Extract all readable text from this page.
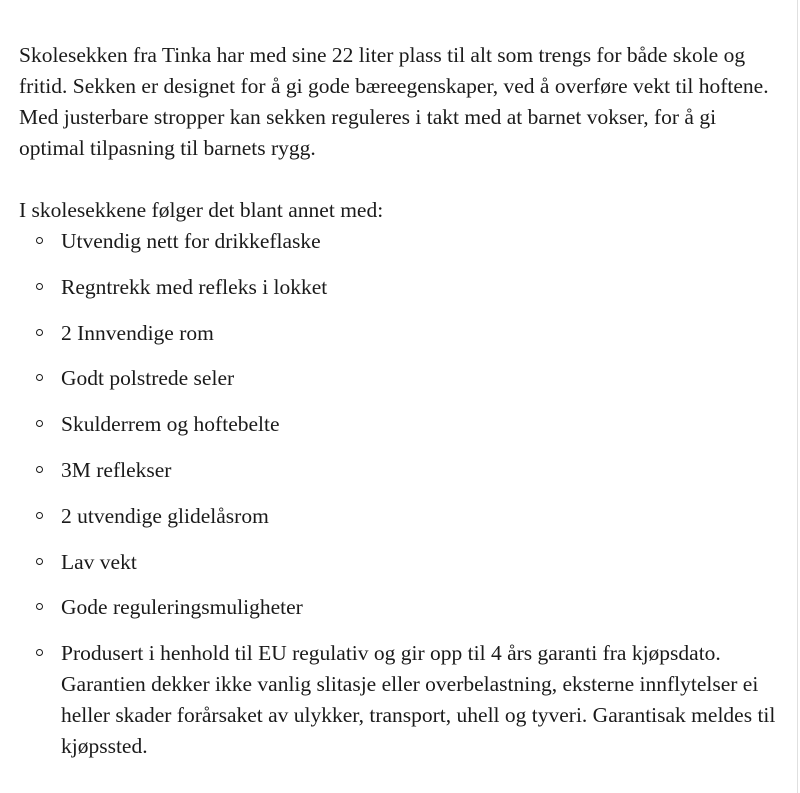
Skolesekken fra Tinka har med sine 22 liter plass til alt som trengs for både skole og fritid. Sekken er designet for å gi gode bæreegenskaper, ved å overføre vekt til hoftene. Med justerbare stropper kan sekken reguleres i takt med at barnet vokser, for å gi optimal tilpasning til barnets rygg.

I skolesekkene følger det blant annet med:

Utvendig nett for drikkeflaske
Regntrekk med refleks i lokket
2 Innvendige rom
Godt polstrede seler
Skulderrem og hoftebelte
3M reflekser
2 utvendige glidelåsrom
Lav vekt
Gode reguleringsmuligheter
Produsert i henhold til EU regulativ og gir opp til 4 års garanti fra kjøpsdato. Garantien dekker ikke vanlig slitasje eller overbelastning, eksterne innflytelser ei heller skader forårsaket av ulykker, transport, uhell og tyveri. Garantisak meldes til kjøpssted.
